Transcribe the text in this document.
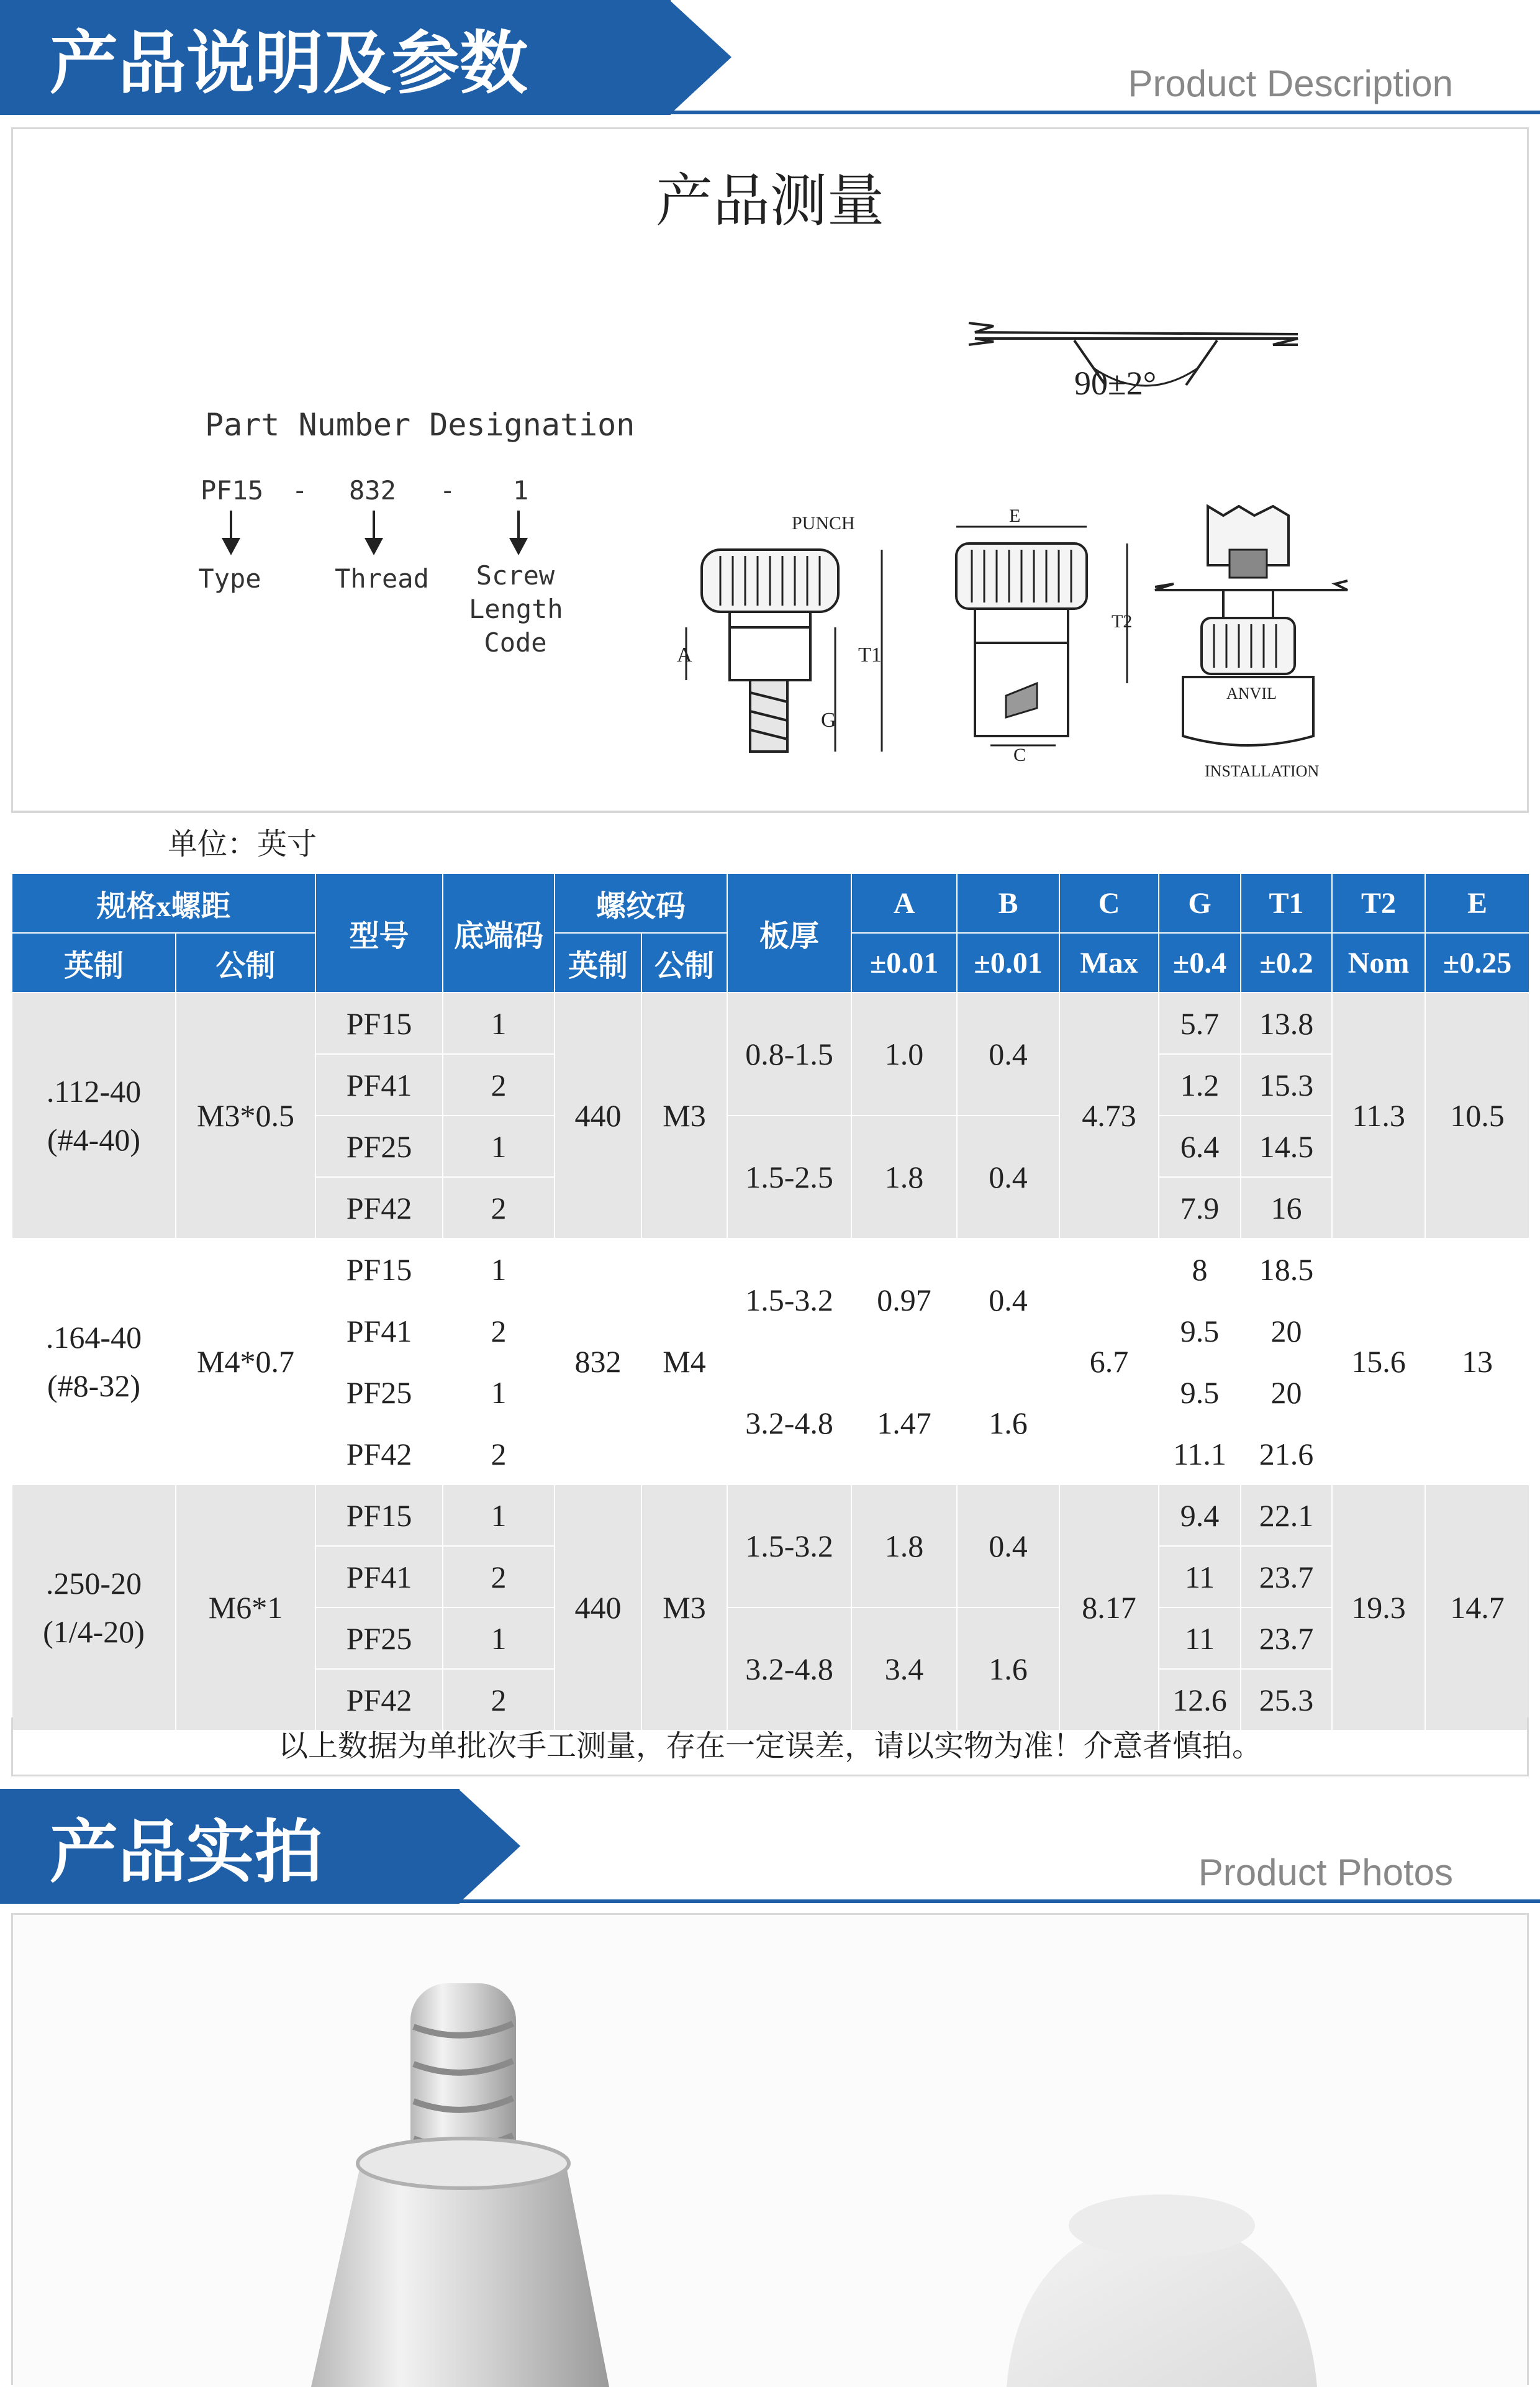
产品说明及参数	Product Description
产品测量
Part Number Designation
PF15 - 832 - 1
Type	Thread Screw Length Code
90±2°
PUNCH
T1
G
A
E
T2
C
ANVIL
INSTALLATION
单位：英寸
规格x螺距		型号	底端码	螺纹码		板厚	A	B	C	G	T1	T2	E
英制	公制			英制	公制		±0.01	±0.01	Max	±0.4	±0.2	Nom	±0.25

.112-40
(#4-40)	M3*0.5	PF15	1	440	M3	0.8-1.5	1.0	0.4	4.73	5.7	13.8	11.3	10.5
		PF41	2							1.2	15.3		
		PF25	1			1.5-2.5	1.8	0.4		6.4	14.5		
		PF42	2							7.9	16		

.164-40
(#8-32)	M4*0.7	PF15	1	832	M4	1.5-3.2	0.97	0.4	6.7	8	18.5	15.6	13
		PF41	2							9.5	20		
		PF25	1			3.2-4.8	1.47	1.6		9.5	20		
		PF42	2							11.1	21.6		

.250-20
(1/4-20)	M6*1	PF15	1	440	M3	1.5-3.2	1.8	0.4	8.17	9.4	22.1	19.3	14.7
		PF41	2							11	23.7		
		PF25	1			3.2-4.8	3.4	1.6		11	23.7		
		PF42	2							12.6	25.3		
以上数据为单批次手工测量，存在一定误差，请以实物为准！介意者慎拍。
产品实拍	Product Photos
